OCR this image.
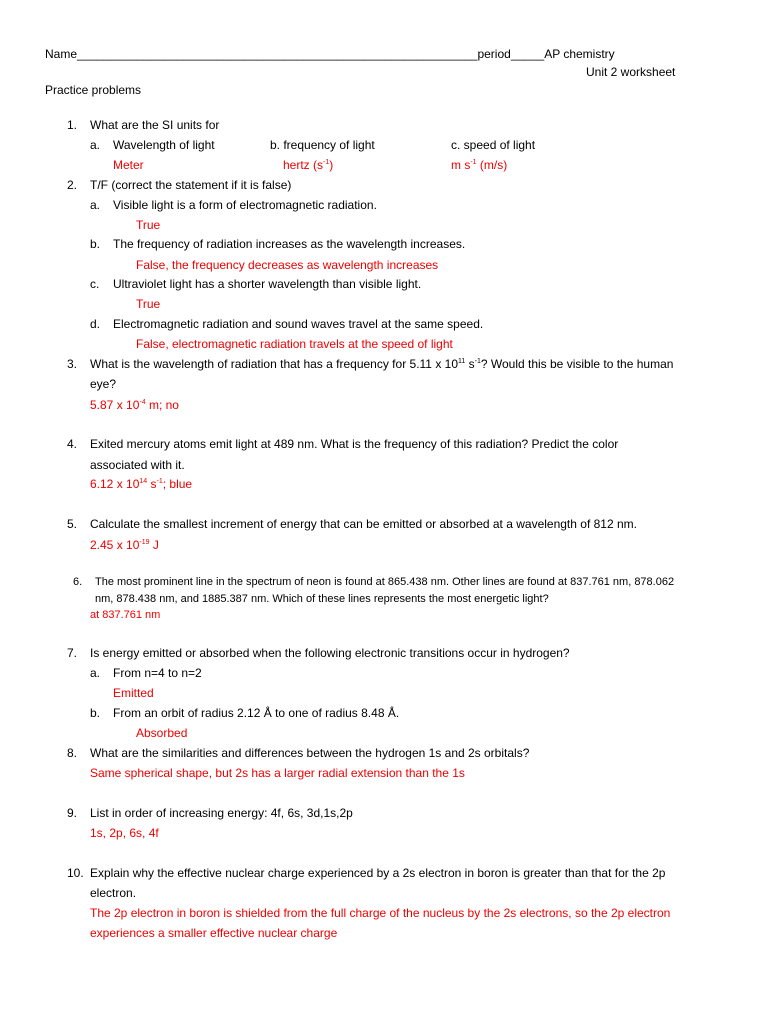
Name____________________________________________________________period_____AP chemistry
Unit 2 worksheet
Practice problems
1. What are the SI units for
a. Wavelength of light	b. frequency of light	c. speed of light
Meter	hertz $(s^{-1})$	m $s^{-1}$ (m/s)
2. T/F (correct the statement if it is false)
a. Visible light is a form of electromagnetic radiation.
True
b. The frequency of radiation increases as the wavelength increases.
False, the frequency decreases as wavelength increases
c. Ultraviolet light has a shorter wavelength than visible light.
True
d. Electromagnetic radiation and sound waves travel at the same speed.
False, electromagnetic radiation travels at the speed of light
3. What is the wavelength of radiation that has a frequency for 5.11 x $10^{11}$ $s^{-1}$? Would this be visible to the human
eye?
5.87 x $10^{-4}$ m; no
4. Exited mercury atoms emit light at 489 nm. What is the frequency of this radiation? Predict the color
associated with it.
6.12 x $10^{14}$ $s^{-1}$; blue
5. Calculate the smallest increment of energy that can be emitted or absorbed at a wavelength of 812 nm.
2.45 x $10^{-19}$ J
6. The most prominent line in the spectrum of neon is found at 865.438 nm. Other lines are found at 837.761 nm, 878.062
nm, 878.438 nm, and 1885.387 nm. Which of these lines represents the most energetic light?
at 837.761 nm
7. Is energy emitted or absorbed when the following electronic transitions occur in hydrogen?
a. From n=4 to n=2
Emitted
b. From an orbit of radius 2.12 Å to one of radius 8.48 Å.
Absorbed
8. What are the similarities and differences between the hydrogen 1s and 2s orbitals?
Same spherical shape, but 2s has a larger radial extension than the 1s
9. List in order of increasing energy: 4f, 6s, 3d,1s,2p
1s, 2p, 6s, 4f
10. Explain why the effective nuclear charge experienced by a 2s electron in boron is greater than that for the 2p
electron.
The 2p electron in boron is shielded from the full charge of the nucleus by the 2s electrons, so the 2p electron
experiences a smaller effective nuclear charge
